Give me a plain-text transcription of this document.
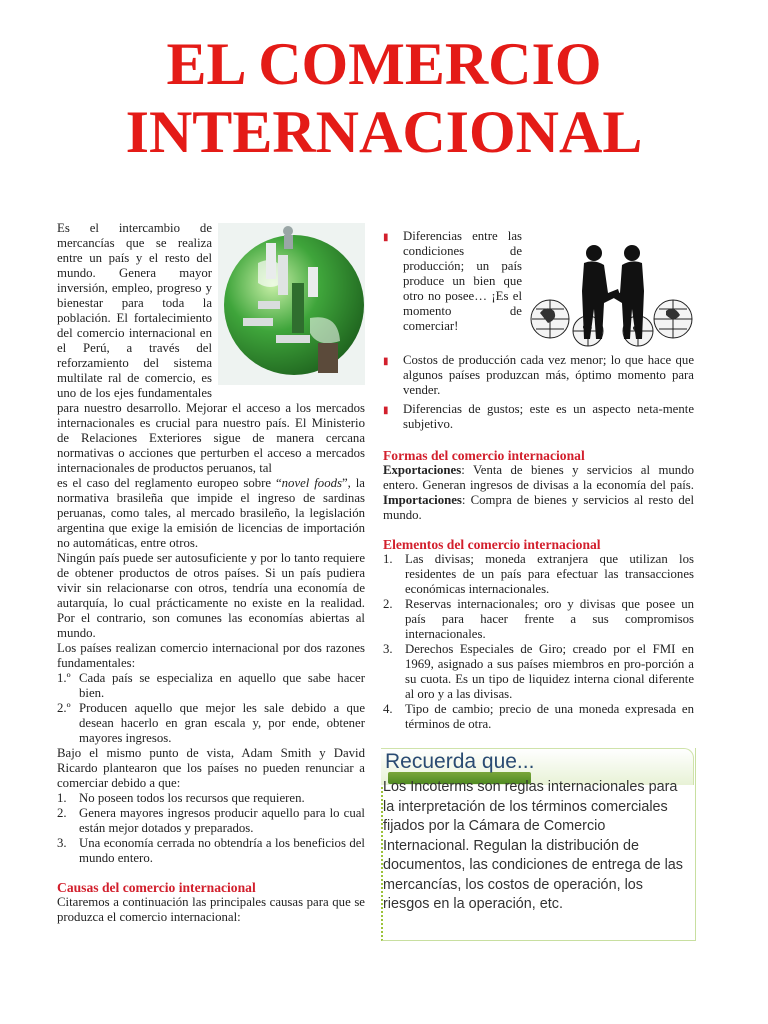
EL COMERCIO
INTERNACIONAL

Es el intercambio de mercancías que se realiza entre un país y el resto del mundo. Genera mayor inversión, empleo, progreso y bienestar para toda la población. El fortalecimiento del comercio internacional en el Perú, a través del reforzamiento del sistema multilate ral de comercio, es uno de los ejes fundamentales para nuestro desarrollo. Mejorar el acceso a los mercados internacionales es crucial para nuestro país. El Ministerio de Relaciones Exteriores sigue de manera cercana normativas o acciones que perturben el acceso a mercados internacionales de productos peruanos, tal

es el caso del reglamento europeo sobre “novel foods”, la normativa brasileña que impide el ingreso de sardinas peruanas, como tales, al mercado brasileño, la legislación argentina que exige la emisión de licencias de importación no automáticas, entre otros.

Ningún país puede ser autosuficiente y por lo tanto requiere de obtener productos de otros países. Si un país pudiera vivir sin relacionarse con otros, tendría una economía de autarquía, lo cual prácticamente no existe en la realidad. Por el contrario, son comunes las economías abiertas al mundo.

Los países realizan comercio internacional por dos razones fundamentales:

1.º Cada país se especializa en aquello que sabe hacer bien.
2.º Producen aquello que mejor les sale debido a que desean hacerlo en gran escala y, por ende, obtener mayores ingresos.

Bajo el mismo punto de vista, Adam Smith y David Ricardo plantearon que los países no pueden renunciar a comerciar debido a que:

1. No poseen todos los recursos que requieren.
2. Genera mayores ingresos producir aquello para lo cual están mejor dotados y preparados.
3. Una economía cerrada no obtendría a los beneficios del mundo entero.
Causas del comercio internacional

Citaremos a continuación las principales causas para que se produzca el comercio internacional:

▮	Diferencias entre las condiciones de producción; un país produce un bien que otro no posee… ¡Es el momento de comerciar!
▮	Costos de producción cada vez menor; lo que hace que algunos países produzcan más, óptimo momento para vender.
▮	Diferencias de gustos; este es un aspecto neta-mente subjetivo.
Formas del comercio internacional

Exportaciones: Venta de bienes y servicios al mundo entero. Generan ingresos de divisas a la economía del país. Importaciones: Compra de bienes y servicios al resto del mundo.

Elementos del comercio internacional
1. Las divisas; moneda extranjera que utilizan los residentes de un país para efectuar las transacciones económicas internacionales.
2. Reservas internacionales; oro y divisas que posee un país para hacer frente a sus compromisos internacionales.
3. Derechos Especiales de Giro; creado por el FMI en 1969, asignado a sus países miembros en pro-porción a su cuota. Es un tipo de liquidez interna cional diferente al oro y a las divisas.
4. Tipo de cambio; precio de una moneda expresada en términos de otra.
Recuerda que...
Los Incoterms son reglas internacionales para la interpretación de los términos comerciales fijados por la Cámara de Comercio Internacional. Regulan la distribución de documentos, las condiciones de entrega de las mercancías, los costos de operación, los riesgos en la operación, etc.
